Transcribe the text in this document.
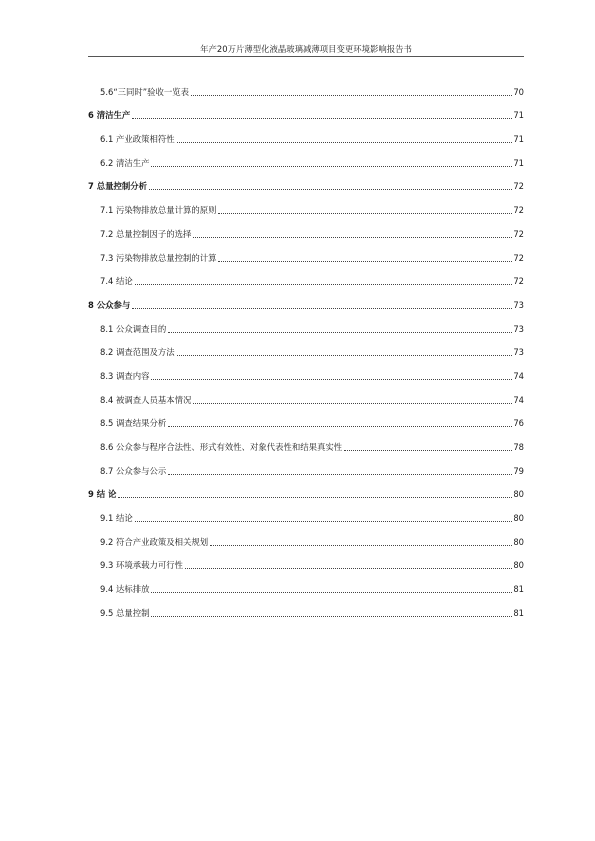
年产20万片薄型化液晶玻璃减薄项目变更环境影响报告书
5.6“三同时”验收一览表	70
6 清洁生产	71
6.1 产业政策相符性	71
6.2 清洁生产	71
7 总量控制分析	72
7.1 污染物排放总量计算的原则	72
7.2 总量控制因子的选择	72
7.3 污染物排放总量控制的计算	72
7.4 结论	72
8 公众参与	73
8.1 公众调查目的	73
8.2 调查范围及方法	73
8.3 调查内容	74
8.4 被调查人员基本情况	74
8.5 调查结果分析	76
8.6 公众参与程序合法性、形式有效性、对象代表性和结果真实性	78
8.7 公众参与公示	79
9 结 论	80
9.1 结论	80
9.2 符合产业政策及相关规划	80
9.3 环境承载力可行性	80
9.4 达标排放	81
9.5 总量控制	81
